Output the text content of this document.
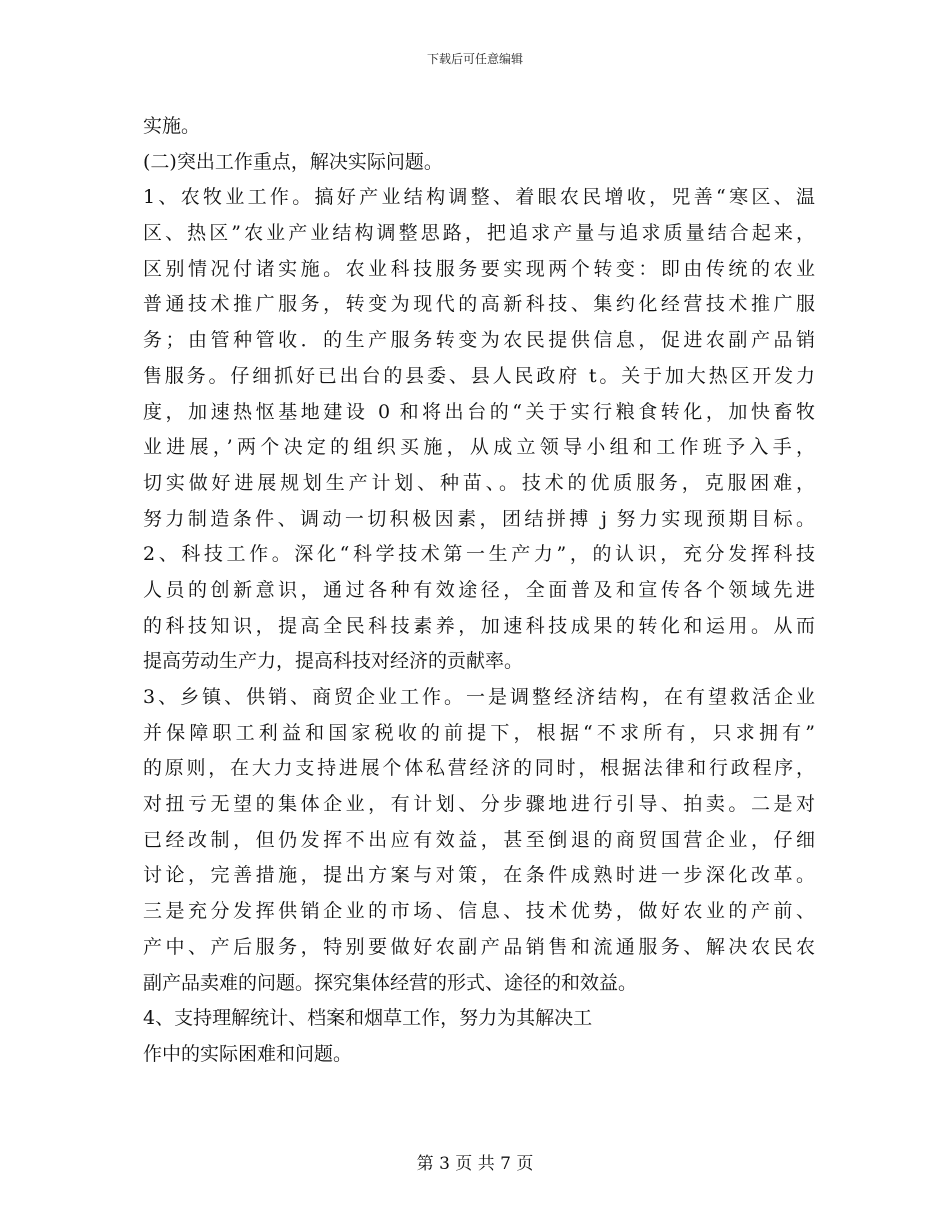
下载后可任意编辑
实施。
(二)突出工作重点，解决实际问题。
1、农牧业工作。搞好产业结构调整、着眼农民增收，兕善“寒区、温
区、热区”农业产业结构调整思路，把追求产量与追求质量结合起来，
区别情况付诸实施。农业科技服务要实现两个转变：即由传统的农业
普通技术推广服务，转变为现代的高新科技、集约化经营技术推广服
务；由管种管收．的生产服务转变为农民提供信息，促进农副产品销
售服务。仔细抓好已出台的县委、县人民政府 t。关于加大热区开发力
度，加速热怄基地建设 0 和将出台的“关于实行粮食转化，加快畜牧
业进展，’两个决定的组织买施，从成立领导小组和工作班予入手，
切实做好进展规划生产计划、种苗、。技术的优质服务，克服困难，
努力制造条件、调动一切积极因素，团结拼搏 j 努力实现预期目标。
2、科技工作。深化“科学技术第一生产力”，的认识，充分发挥科技
人员的创新意识，通过各种有效途径，全面普及和宣传各个领域先进
的科技知识，提高全民科技素养，加速科技成果的转化和运用。从而
提高劳动生产力，提高科技对经济的贡献率。
3、乡镇、供销、商贸企业工作。一是调整经济结构，在有望救活企业
并保障职工利益和国家税收的前提下，根据“不求所有，只求拥有”
的原则，在大力支持进展个体私营经济的同时，根据法律和行政程序，
对扭亏无望的集体企业，有计划、分步骤地进行引导、拍卖。二是对
已经改制，但仍发挥不出应有效益，甚至倒退的商贸国营企业，仔细
讨论，完善措施，提出方案与对策，在条件成熟时进一步深化改革。
三是充分发挥供销企业的市场、信息、技术优势，做好农业的产前、
产中、产后服务，特别要做好农副产品销售和流通服务、解决农民农
副产品卖难的问题。探究集体经营的形式、途径的和效益。
4、支持理解统计、档案和烟草工作，努力为其解决工
作中的实际困难和问题。
第 3 页 共 7 页
